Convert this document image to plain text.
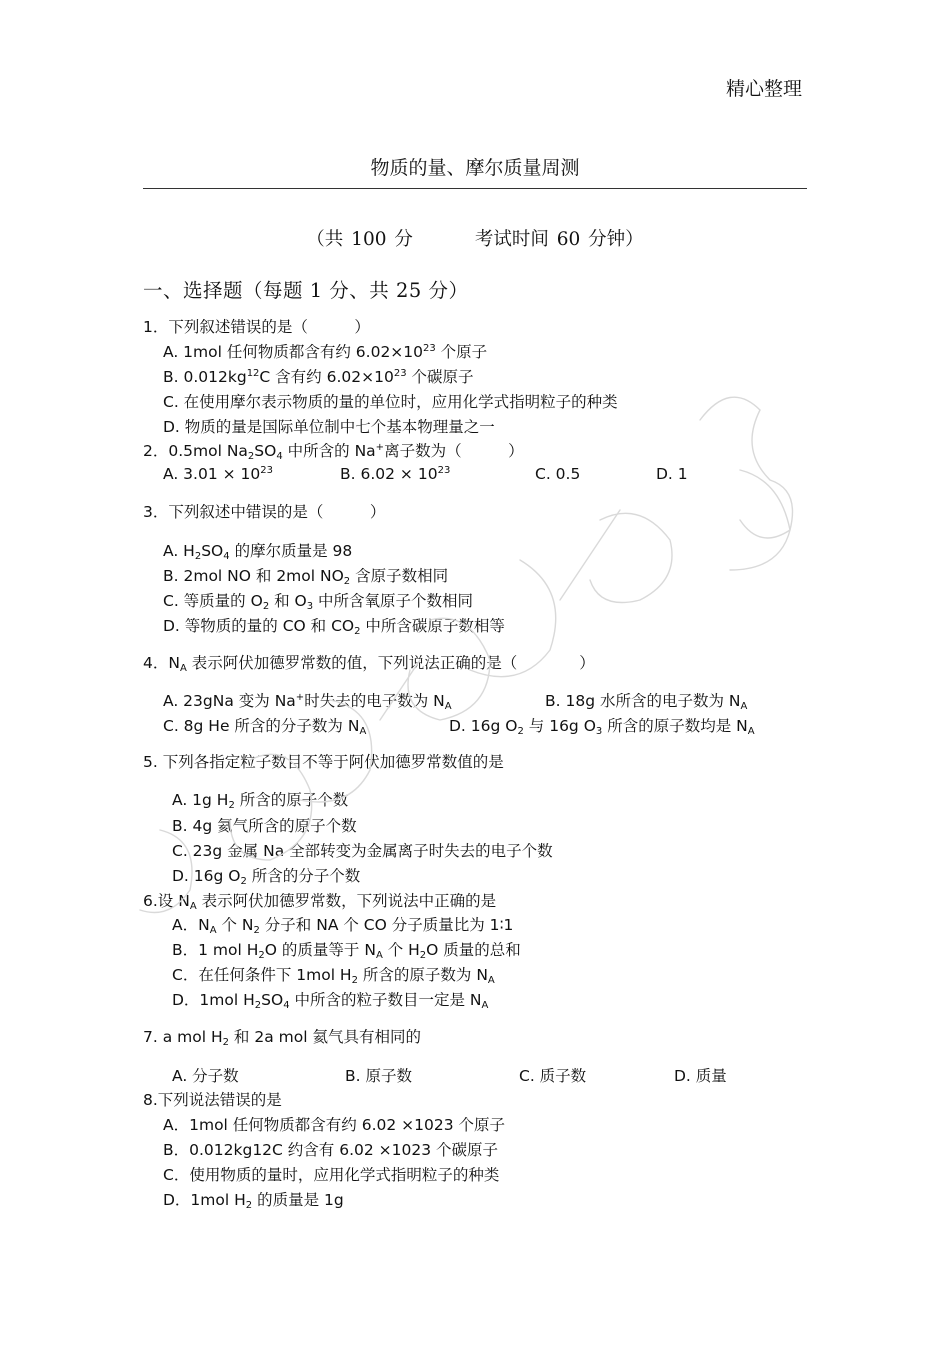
精心整理
物质的量、摩尔质量周测
（共 100 分	考试时间 60 分钟）
一、选择题（每题 1 分、共 25 分）
1．下列叙述错误的是（　　　）
A. 1mol 任何物质都含有约 $6.02\times 10^{23}$ 个原子
B. $0.012kg^{12}C$ 含有约 $6.02\times 10^{23}$ 个碳原子
C. 在使用摩尔表示物质的量的单位时，应用化学式指明粒子的种类
D. 物质的量是国际单位制中七个基本物理量之一
2．0.5mol $Na_2SO_4$ 中所含的 Na+离子数为（　　　）
A. $3.01 \times 10^{23}$	B. $6.02 \times 10^{23}$	C. 0.5	D. 1
3．下列叙述中错误的是（　　　）
A. $H_2SO_4$ 的摩尔质量是 98
B. 2mol NO 和 2mol $NO_2$ 含原子数相同
C. 等质量的 $O_2$ 和 $O_3$ 中所含氧原子个数相同
D. 等物质的量的 CO 和 $CO_2$ 中所含碳原子数相等
4．$N_A$ 表示阿伏加德罗常数的值，下列说法正确的是（　　　　）
A. 23gNa 变为 Na+时失去的电子数为 $N_A$	B. 18g 水所含的电子数为 $N_A$
C. 8g He 所含的分子数为 $N_A$	D. 16g $O_2$ 与 16g $O_3$ 所含的原子数均是 $N_A$
5. 下列各指定粒子数目不等于阿伏加德罗常数值的是
A. 1g $H_2$ 所含的原子个数
B. 4g 氦气所含的原子个数
C. 23g 金属 Na 全部转变为金属离子时失去的电子个数
D. 16g $O_2$ 所含的分子个数
6.设 $N_A$ 表示阿伏加德罗常数，下列说法中正确的是
A．$N_A$ 个 $N_2$ 分子和 NA 个 CO 分子质量比为 1∶1
B．1 mol $H_2O$ 的质量等于 $N_A$ 个 $H_2O$ 质量的总和
C．在任何条件下 1mol $H_2$ 所含的原子数为 $N_A$
D．1mol $H_2SO_4$ 中所含的粒子数目一定是 $N_A$
7. a mol $H_2$ 和 2a mol 氦气具有相同的
A. 分子数	B. 原子数	C. 质子数	D. 质量
8.下列说法错误的是
A．1mol 任何物质都含有约 6.02 ×1023 个原子
B．0.012kg12C 约含有 6.02 ×1023 个碳原子
C．使用物质的量时，应用化学式指明粒子的种类
D．1mol $H_2$ 的质量是 1g
